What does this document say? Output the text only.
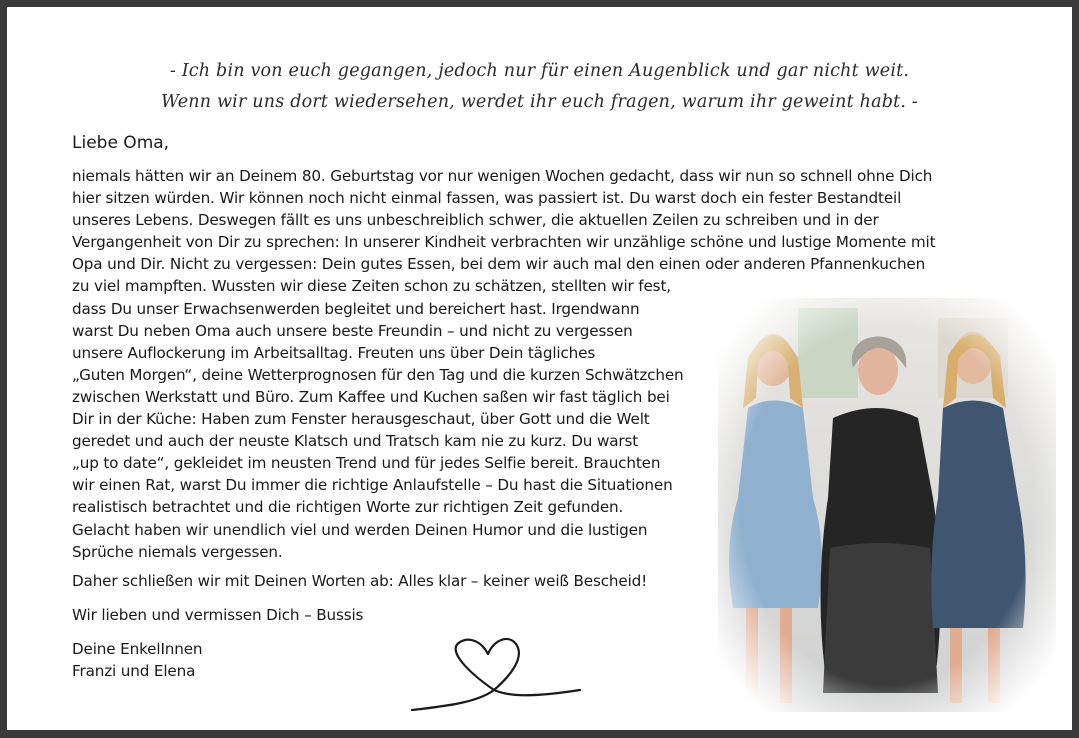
- Ich bin von euch gegangen, jedoch nur für einen Augenblick und gar nicht weit.
Wenn wir uns dort wiedersehen, werdet ihr euch fragen, warum ihr geweint habt. -
Liebe Oma,
niemals hätten wir an Deinem 80. Geburtstag vor nur wenigen Wochen gedacht, dass wir nun so schnell ohne Dich
hier sitzen würden. Wir können noch nicht einmal fassen, was passiert ist. Du warst doch ein fester Bestandteil
unseres Lebens. Deswegen fällt es uns unbeschreiblich schwer, die aktuellen Zeilen zu schreiben und in der
Vergangenheit von Dir zu sprechen: In unserer Kindheit verbrachten wir unzählige schöne und lustige Momente mit
Opa und Dir. Nicht zu vergessen: Dein gutes Essen, bei dem wir auch mal den einen oder anderen Pfannenkuchen
zu viel mampften. Wussten wir diese Zeiten schon zu schätzen, stellten wir fest,
dass Du unser Erwachsenwerden begleitet und bereichert hast. Irgendwann
warst Du neben Oma auch unsere beste Freundin – und nicht zu vergessen
unsere Auflockerung im Arbeitsalltag. Freuten uns über Dein tägliches
„Guten Morgen“, deine Wetterprognosen für den Tag und die kurzen Schwätzchen
zwischen Werkstatt und Büro. Zum Kaffee und Kuchen saßen wir fast täglich bei
Dir in der Küche: Haben zum Fenster herausgeschaut, über Gott und die Welt
geredet und auch der neuste Klatsch und Tratsch kam nie zu kurz. Du warst
„up to date“, gekleidet im neusten Trend und für jedes Selfie bereit. Brauchten
wir einen Rat, warst Du immer die richtige Anlaufstelle – Du hast die Situationen
realistisch betrachtet und die richtigen Worte zur richtigen Zeit gefunden.
Gelacht haben wir unendlich viel und werden Deinen Humor und die lustigen
Sprüche niemals vergessen.
Daher schließen wir mit Deinen Worten ab: Alles klar – keiner weiß Bescheid!
Wir lieben und vermissen Dich – Bussis
Deine EnkelInnen
Franzi und Elena
